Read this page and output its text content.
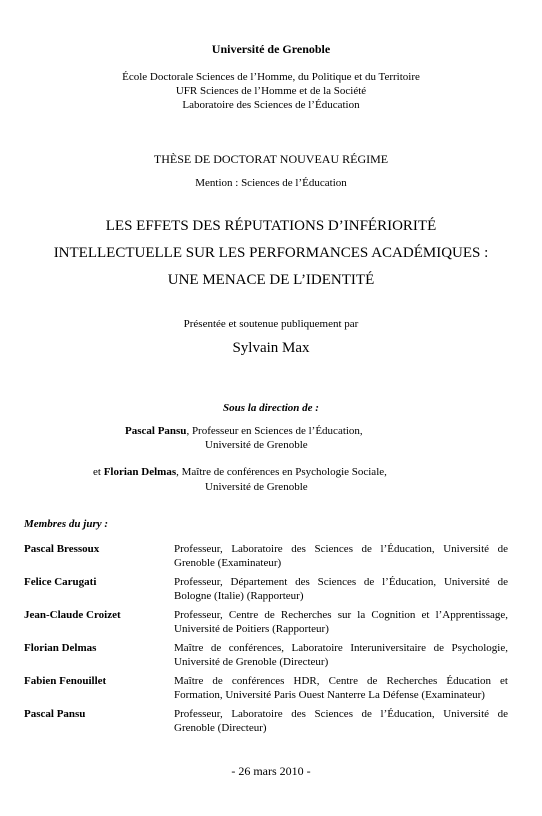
Université de Grenoble
École Doctorale Sciences de l’Homme, du Politique et du Territoire
UFR Sciences de l’Homme et de la Société
Laboratoire des Sciences de l’Éducation
THÈSE DE DOCTORAT NOUVEAU RÉGIME
Mention : Sciences de l’Éducation
LES EFFETS DES RÉPUTATIONS D’INFÉRIORITÉ
INTELLECTUELLE SUR LES PERFORMANCES ACADÉMIQUES :
UNE MENACE DE L’IDENTITÉ
Présentée et soutenue publiquement par
Sylvain Max
Sous la direction de :
Pascal Pansu, Professeur en Sciences de l’Éducation,
Université de Grenoble
et Florian Delmas, Maître de conférences en Psychologie Sociale,
Université de Grenoble
Membres du jury :
Pascal Bressoux	Professeur, Laboratoire des Sciences de l’Éducation, Université de Grenoble (Examinateur)
Felice Carugati	Professeur, Département des Sciences de l’Éducation, Université de Bologne (Italie) (Rapporteur)
Jean-Claude Croizet	Professeur, Centre de Recherches sur la Cognition et l’Apprentissage, Université de Poitiers (Rapporteur)
Florian Delmas	Maître de conférences, Laboratoire Interuniversitaire de Psychologie, Université de Grenoble (Directeur)
Fabien Fenouillet	Maître de conférences HDR, Centre de Recherches Éducation et Formation, Université Paris Ouest Nanterre La Défense (Examinateur)
Pascal Pansu	Professeur, Laboratoire des Sciences de l’Éducation, Université de Grenoble (Directeur)
- 26 mars 2010 -
